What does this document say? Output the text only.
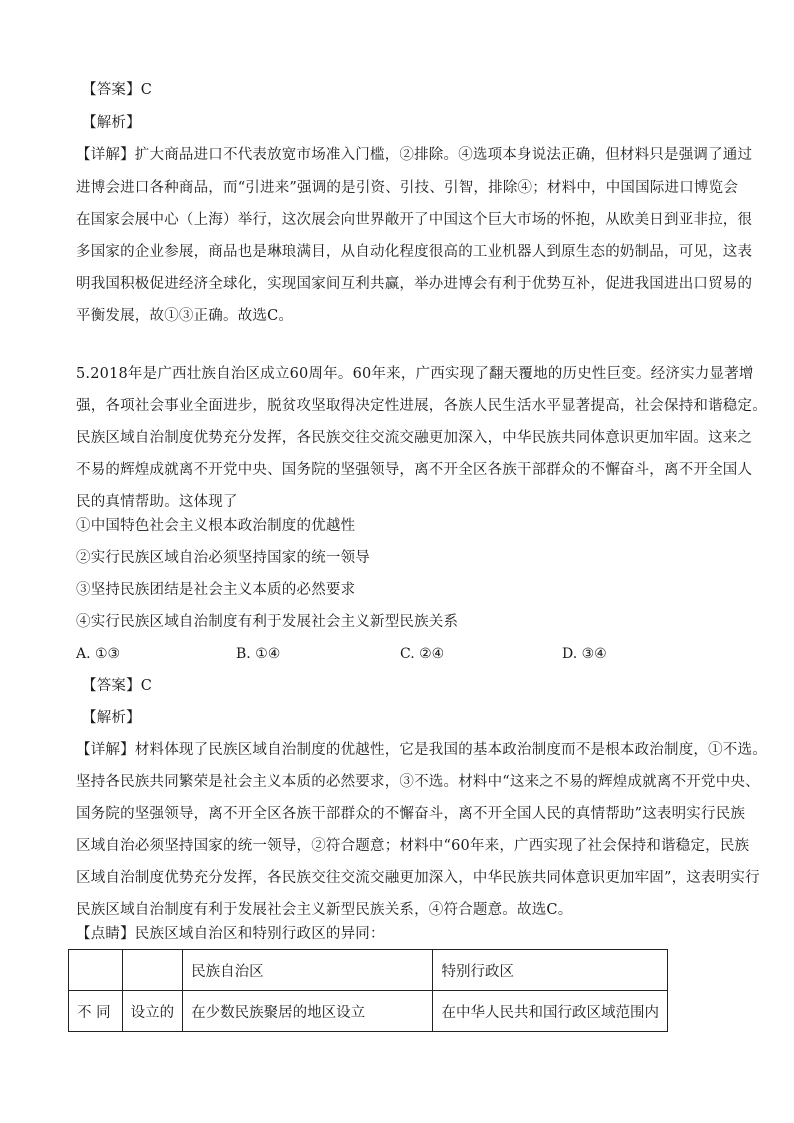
【答案】C
【解析】
【详解】扩大商品进口不代表放宽市场准入门槛，②排除。④选项本身说法正确，但材料只是强调了通过
进博会进口各种商品，而“引进来”强调的是引资、引技、引智，排除④；材料中，中国国际进口博览会
在国家会展中心（上海）举行，这次展会向世界敞开了中国这个巨大市场的怀抱，从欧美日到亚非拉，很
多国家的企业参展，商品也是琳琅满目，从自动化程度很高的工业机器人到原生态的奶制品，可见，这表
明我国积极促进经济全球化，实现国家间互利共赢，举办进博会有利于优势互补，促进我国进出口贸易的
平衡发展，故①③正确。故选C。
5.2018年是广西壮族自治区成立60周年。60年来，广西实现了翻天覆地的历史性巨变。经济实力显著增
强，各项社会事业全面进步，脱贫攻坚取得决定性进展，各族人民生活水平显著提高，社会保持和谐稳定。
民族区域自治制度优势充分发挥，各民族交往交流交融更加深入，中华民族共同体意识更加牢固。这来之
不易的辉煌成就离不开党中央、国务院的坚强领导，离不开全区各族干部群众的不懈奋斗，离不开全国人
民的真情帮助。这体现了
①中国特色社会主义根本政治制度的优越性
②实行民族区域自治必须坚持国家的统一领导
③坚持民族团结是社会主义本质的必然要求
④实行民族区域自治制度有利于发展社会主义新型民族关系
A. ①③	B. ①④	C. ②④	D. ③④
【答案】C
【解析】
【详解】材料体现了民族区域自治制度的优越性，它是我国的基本政治制度而不是根本政治制度，①不选。
坚持各民族共同繁荣是社会主义本质的必然要求，③不选。材料中“这来之不易的辉煌成就离不开党中央、
国务院的坚强领导，离不开全区各族干部群众的不懈奋斗，离不开全国人民的真情帮助”这表明实行民族
区域自治必须坚持国家的统一领导，②符合题意；材料中“60年来，广西实现了社会保持和谐稳定，民族
区域自治制度优势充分发挥，各民族交往交流交融更加深入，中华民族共同体意识更加牢固”，这表明实行
民族区域自治制度有利于发展社会主义新型民族关系，④符合题意。故选C。
【点睛】民族区域自治区和特别行政区的异同：
		民族自治区	特别行政区
不 同	设立的	在少数民族聚居的地区设立	在中华人民共和国行政区域范围内
